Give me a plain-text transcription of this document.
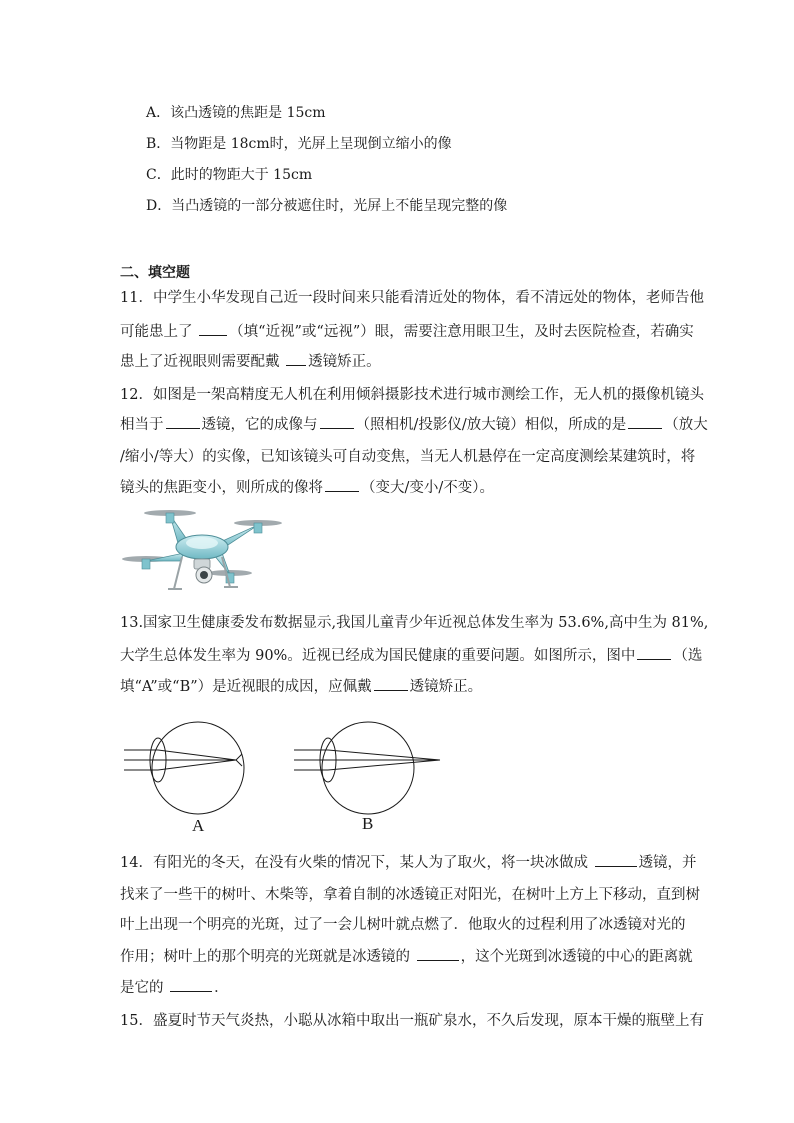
A．该凸透镜的焦距是 15cm
B．当物距是 18cm时，光屏上呈现倒立缩小的像
C．此时的物距大于 15cm
D．当凸透镜的一部分被遮住时，光屏上不能呈现完整的像
二、填空题
11．中学生小华发现自己近一段时间来只能看清近处的物体，看不清远处的物体，老师告他
可能患上了 （填“近视”或“远视”）眼，需要注意用眼卫生，及时去医院检查，若确实
患上了近视眼则需要配戴 透镜矫正。
12．如图是一架高精度无人机在利用倾斜摄影技术进行城市测绘工作，无人机的摄像机镜头
相当于	透镜，它的成像与	（照相机/投影仪/放大镜）相似，所成的是	（放大
/缩小/等大）的实像，已知该镜头可自动变焦，当无人机悬停在一定高度测绘某建筑时，将
镜头的焦距变小，则所成的像将	（变大/变小/不变）。
13.国家卫生健康委发布数据显示,我国儿童青少年近视总体发生率为 53.6%,高中生为 81%,
大学生总体发生率为 90%。近视已经成为国民健康的重要问题。如图所示，图中	（选
填“A”或“B”）是近视眼的成因，应佩戴	透镜矫正。
A	B
14．有阳光的冬天，在没有火柴的情况下，某人为了取火，将一块冰做成	透镜，并
找来了一些干的树叶、木柴等，拿着自制的冰透镜正对阳光，在树叶上方上下移动，直到树
叶上出现一个明亮的光斑，过了一会儿树叶就点燃了．他取火的过程利用了冰透镜对光的
作用；树叶上的那个明亮的光斑就是冰透镜的	，这个光斑到冰透镜的中心的距离就
是它的	．
15．盛夏时节天气炎热，小聪从冰箱中取出一瓶矿泉水，不久后发现，原本干燥的瓶壁上有
